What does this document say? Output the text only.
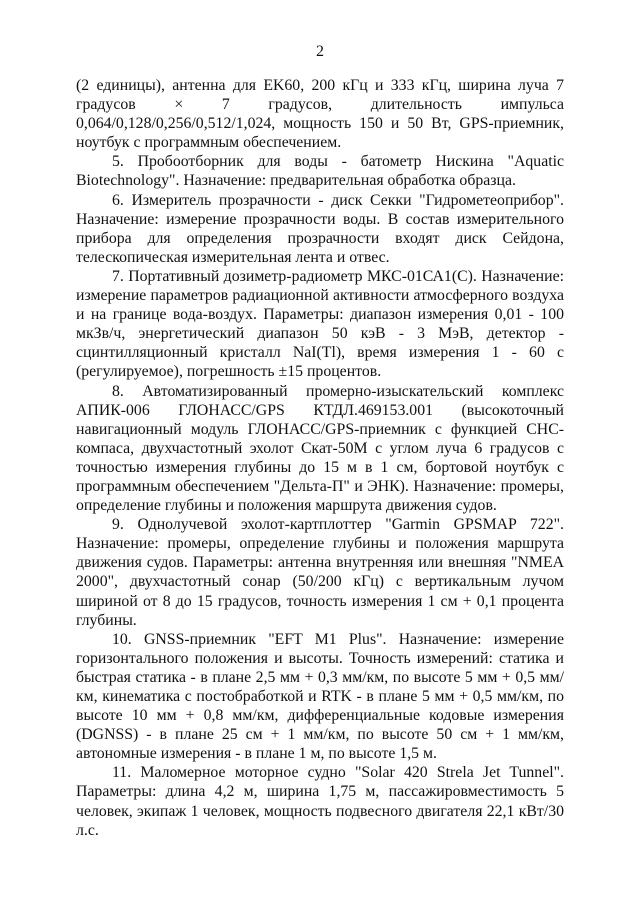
2

(2 единицы), антенна для EK60, 200 кГц и 333 кГц, ширина луча 7 градусов × 7 градусов, длительность импульса 0,064/0,128/0,256/0,512/1,024, мощность 150 и 50 Вт, GPS-приемник, ноутбук с программным обеспечением.

5. Пробоотборник для воды - батометр Нискина "Aquatic Biotechnology". Назначение: предварительная обработка образца.

6. Измеритель прозрачности - диск Секки "Гидрометеоприбор". Назначение: измерение прозрачности воды. В состав измерительного прибора для определения прозрачности входят диск Сейдона, телескопическая измерительная лента и отвес.

7. Портативный дозиметр-радиометр МКС-01СА1(С). Назначение: измерение параметров радиационной активности атмосферного воздуха и на границе вода-воздух. Параметры: диапазон измерения 0,01 - 100 мкЗв/ч, энергетический диапазон 50 кэВ - 3 МэВ, детектор - сцинтилляционный кристалл NaI(Tl), время измерения 1 - 60 с (регулируемое), погрешность ±15 процентов.

8. Автоматизированный промерно-изыскательский комплекс АПИК-006 ГЛОНАСС/GPS КТДЛ.469153.001 (высокоточный навигационный модуль ГЛОНАСС/GPS-приемник с функцией СНС-компаса, двухчастотный эхолот Скат-50М с углом луча 6 градусов с точностью измерения глубины до 15 м в 1 см, бортовой ноутбук с программным обеспечением "Дельта-П" и ЭНК). Назначение: промеры, определение глубины и положения маршрута движения судов.

9. Однолучевой эхолот-картплоттер "Garmin GPSMAP 722". Назначение: промеры, определение глубины и положения маршрута движения судов. Параметры: антенна внутренняя или внешняя "NMEA 2000", двухчастотный сонар (50/200 кГц) с вертикальным лучом шириной от 8 до 15 градусов, точность измерения 1 см + 0,1 процента глубины.

10. GNSS-приемник "EFT M1 Plus". Назначение: измерение горизонтального положения и высоты. Точность измерений: статика и быстрая статика - в плане 2,5 мм + 0,3 мм/км, по высоте 5 мм + 0,5 мм/км, кинематика с постобработкой и RTK - в плане 5 мм + 0,5 мм/км, по высоте 10 мм + 0,8 мм/км, дифференциальные кодовые измерения (DGNSS) - в плане 25 см + 1 мм/км, по высоте 50 см + 1 мм/км, автономные измерения - в плане 1 м, по высоте 1,5 м.

11. Маломерное моторное судно "Solar 420 Strela Jet Tunnel". Параметры: длина 4,2 м, ширина 1,75 м, пассажировместимость 5 человек, экипаж 1 человек, мощность подвесного двигателя 22,1 кВт/30 л.с.
